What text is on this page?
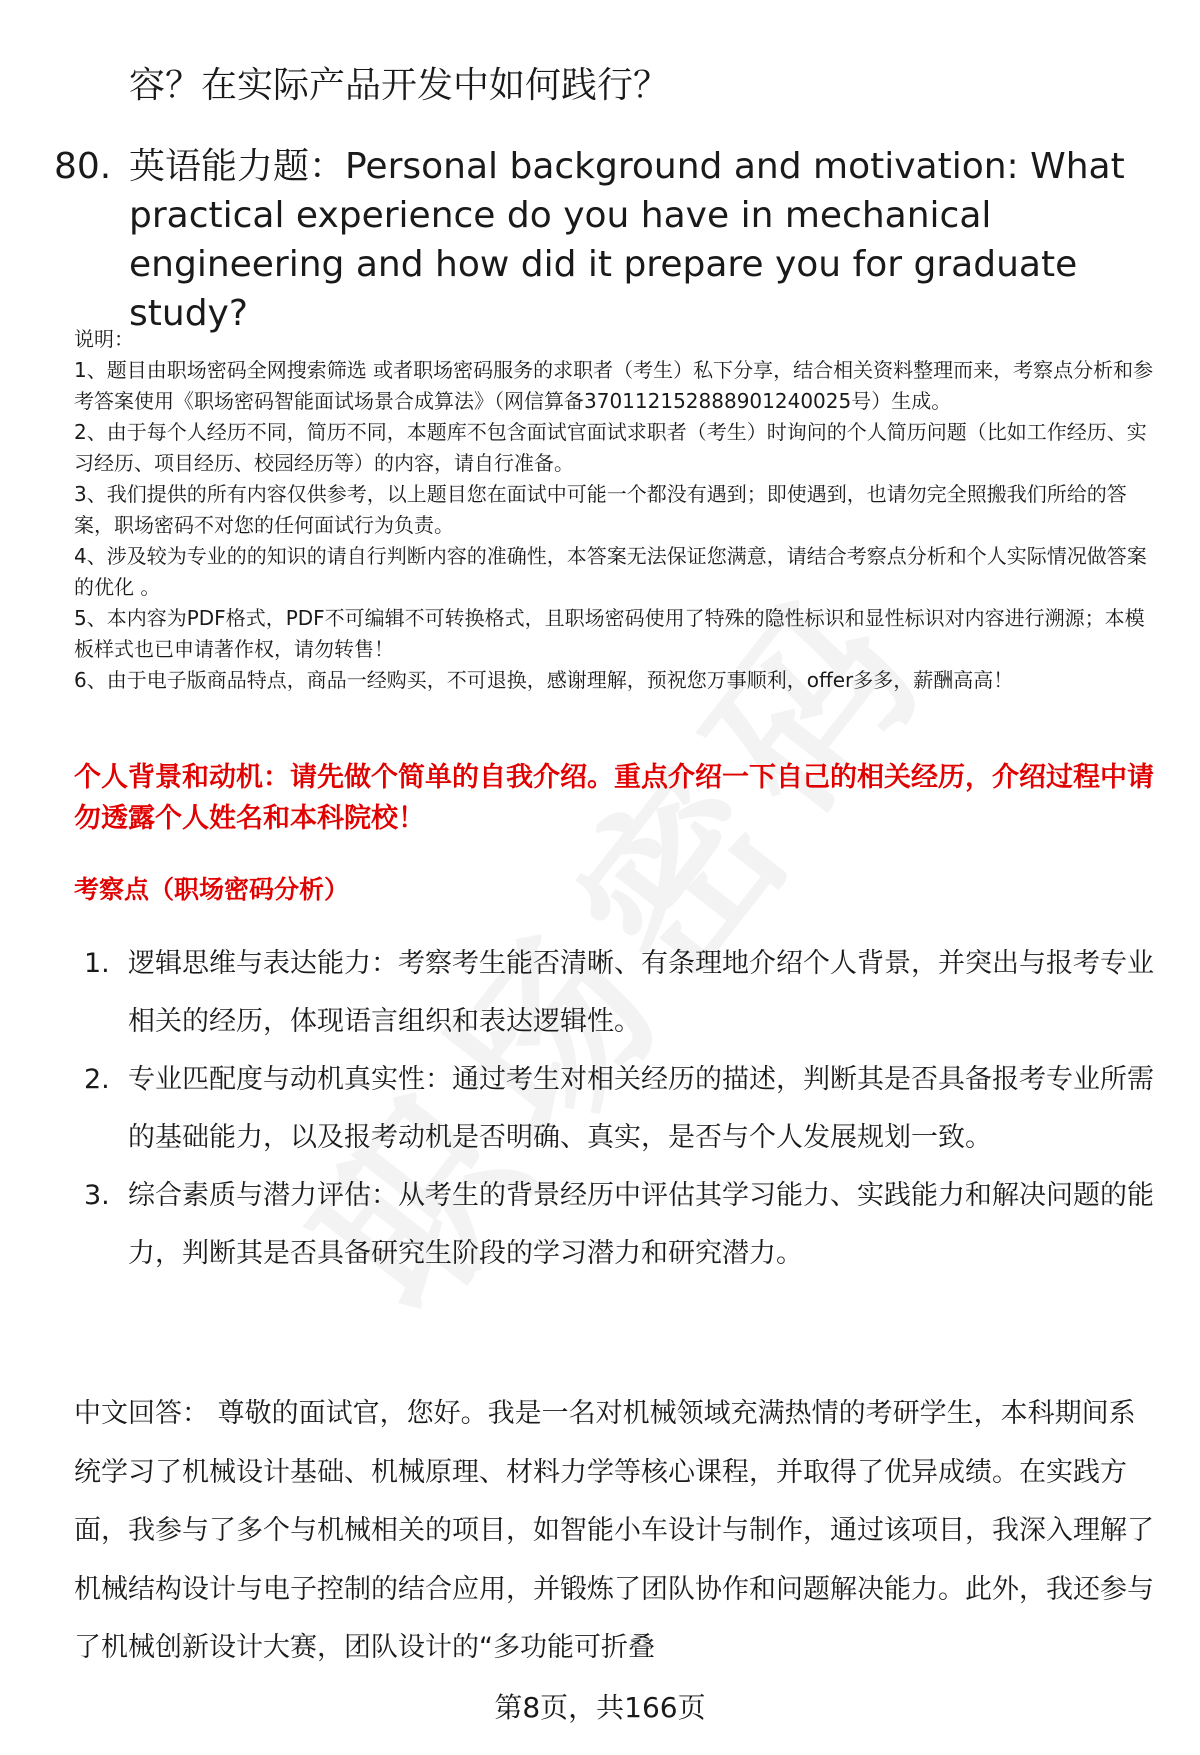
容？在实际产品开发中如何践行？
80. 英语能力题：Personal background and motivation: What practical experience do you have in mechanical engineering and how did it prepare you for graduate study?
说明：
1、题目由职场密码全网搜索筛选 或者职场密码服务的求职者（考生）私下分享，结合相关资料整理而来，考察点分析和参考答案使用《职场密码智能面试场景合成算法》（网信算备370112152888901240025号）生成。
2、由于每个人经历不同，简历不同，本题库不包含面试官面试求职者（考生）时询问的个人简历问题（比如工作经历、实习经历、项目经历、校园经历等）的内容，请自行准备。
3、我们提供的所有内容仅供参考，以上题目您在面试中可能一个都没有遇到；即使遇到，也请勿完全照搬我们所给的答案，职场密码不对您的任何面试行为负责。
4、涉及较为专业的的知识的请自行判断内容的准确性，本答案无法保证您满意，请结合考察点分析和个人实际情况做答案的优化 。
5、本内容为PDF格式，PDF不可编辑不可转换格式，且职场密码使用了特殊的隐性标识和显性标识对内容进行溯源；本模板样式也已申请著作权，请勿转售！
6、由于电子版商品特点，商品一经购买，不可退换，感谢理解，预祝您万事顺利，offer多多，薪酬高高！
个人背景和动机：请先做个简单的自我介绍。重点介绍一下自己的相关经历，介绍过程中请勿透露个人姓名和本科院校！
考察点（职场密码分析）
1. 逻辑思维与表达能力：考察考生能否清晰、有条理地介绍个人背景，并突出与报考专业相关的经历，体现语言组织和表达逻辑性。
2. 专业匹配度与动机真实性：通过考生对相关经历的描述，判断其是否具备报考专业所需的基础能力，以及报考动机是否明确、真实，是否与个人发展规划一致。
3. 综合素质与潜力评估：从考生的背景经历中评估其学习能力、实践能力和解决问题的能力，判断其是否具备研究生阶段的学习潜力和研究潜力。
中文回答： 尊敬的面试官，您好。我是一名对机械领域充满热情的考研学生，本科期间系统学习了机械设计基础、机械原理、材料力学等核心课程，并取得了优异成绩。在实践方面，我参与了多个与机械相关的项目，如智能小车设计与制作，通过该项目，我深入理解了机械结构设计与电子控制的结合应用，并锻炼了团队协作和问题解决能力。此外，我还参与了机械创新设计大赛，团队设计的“多功能可折叠
第8页，共166页
